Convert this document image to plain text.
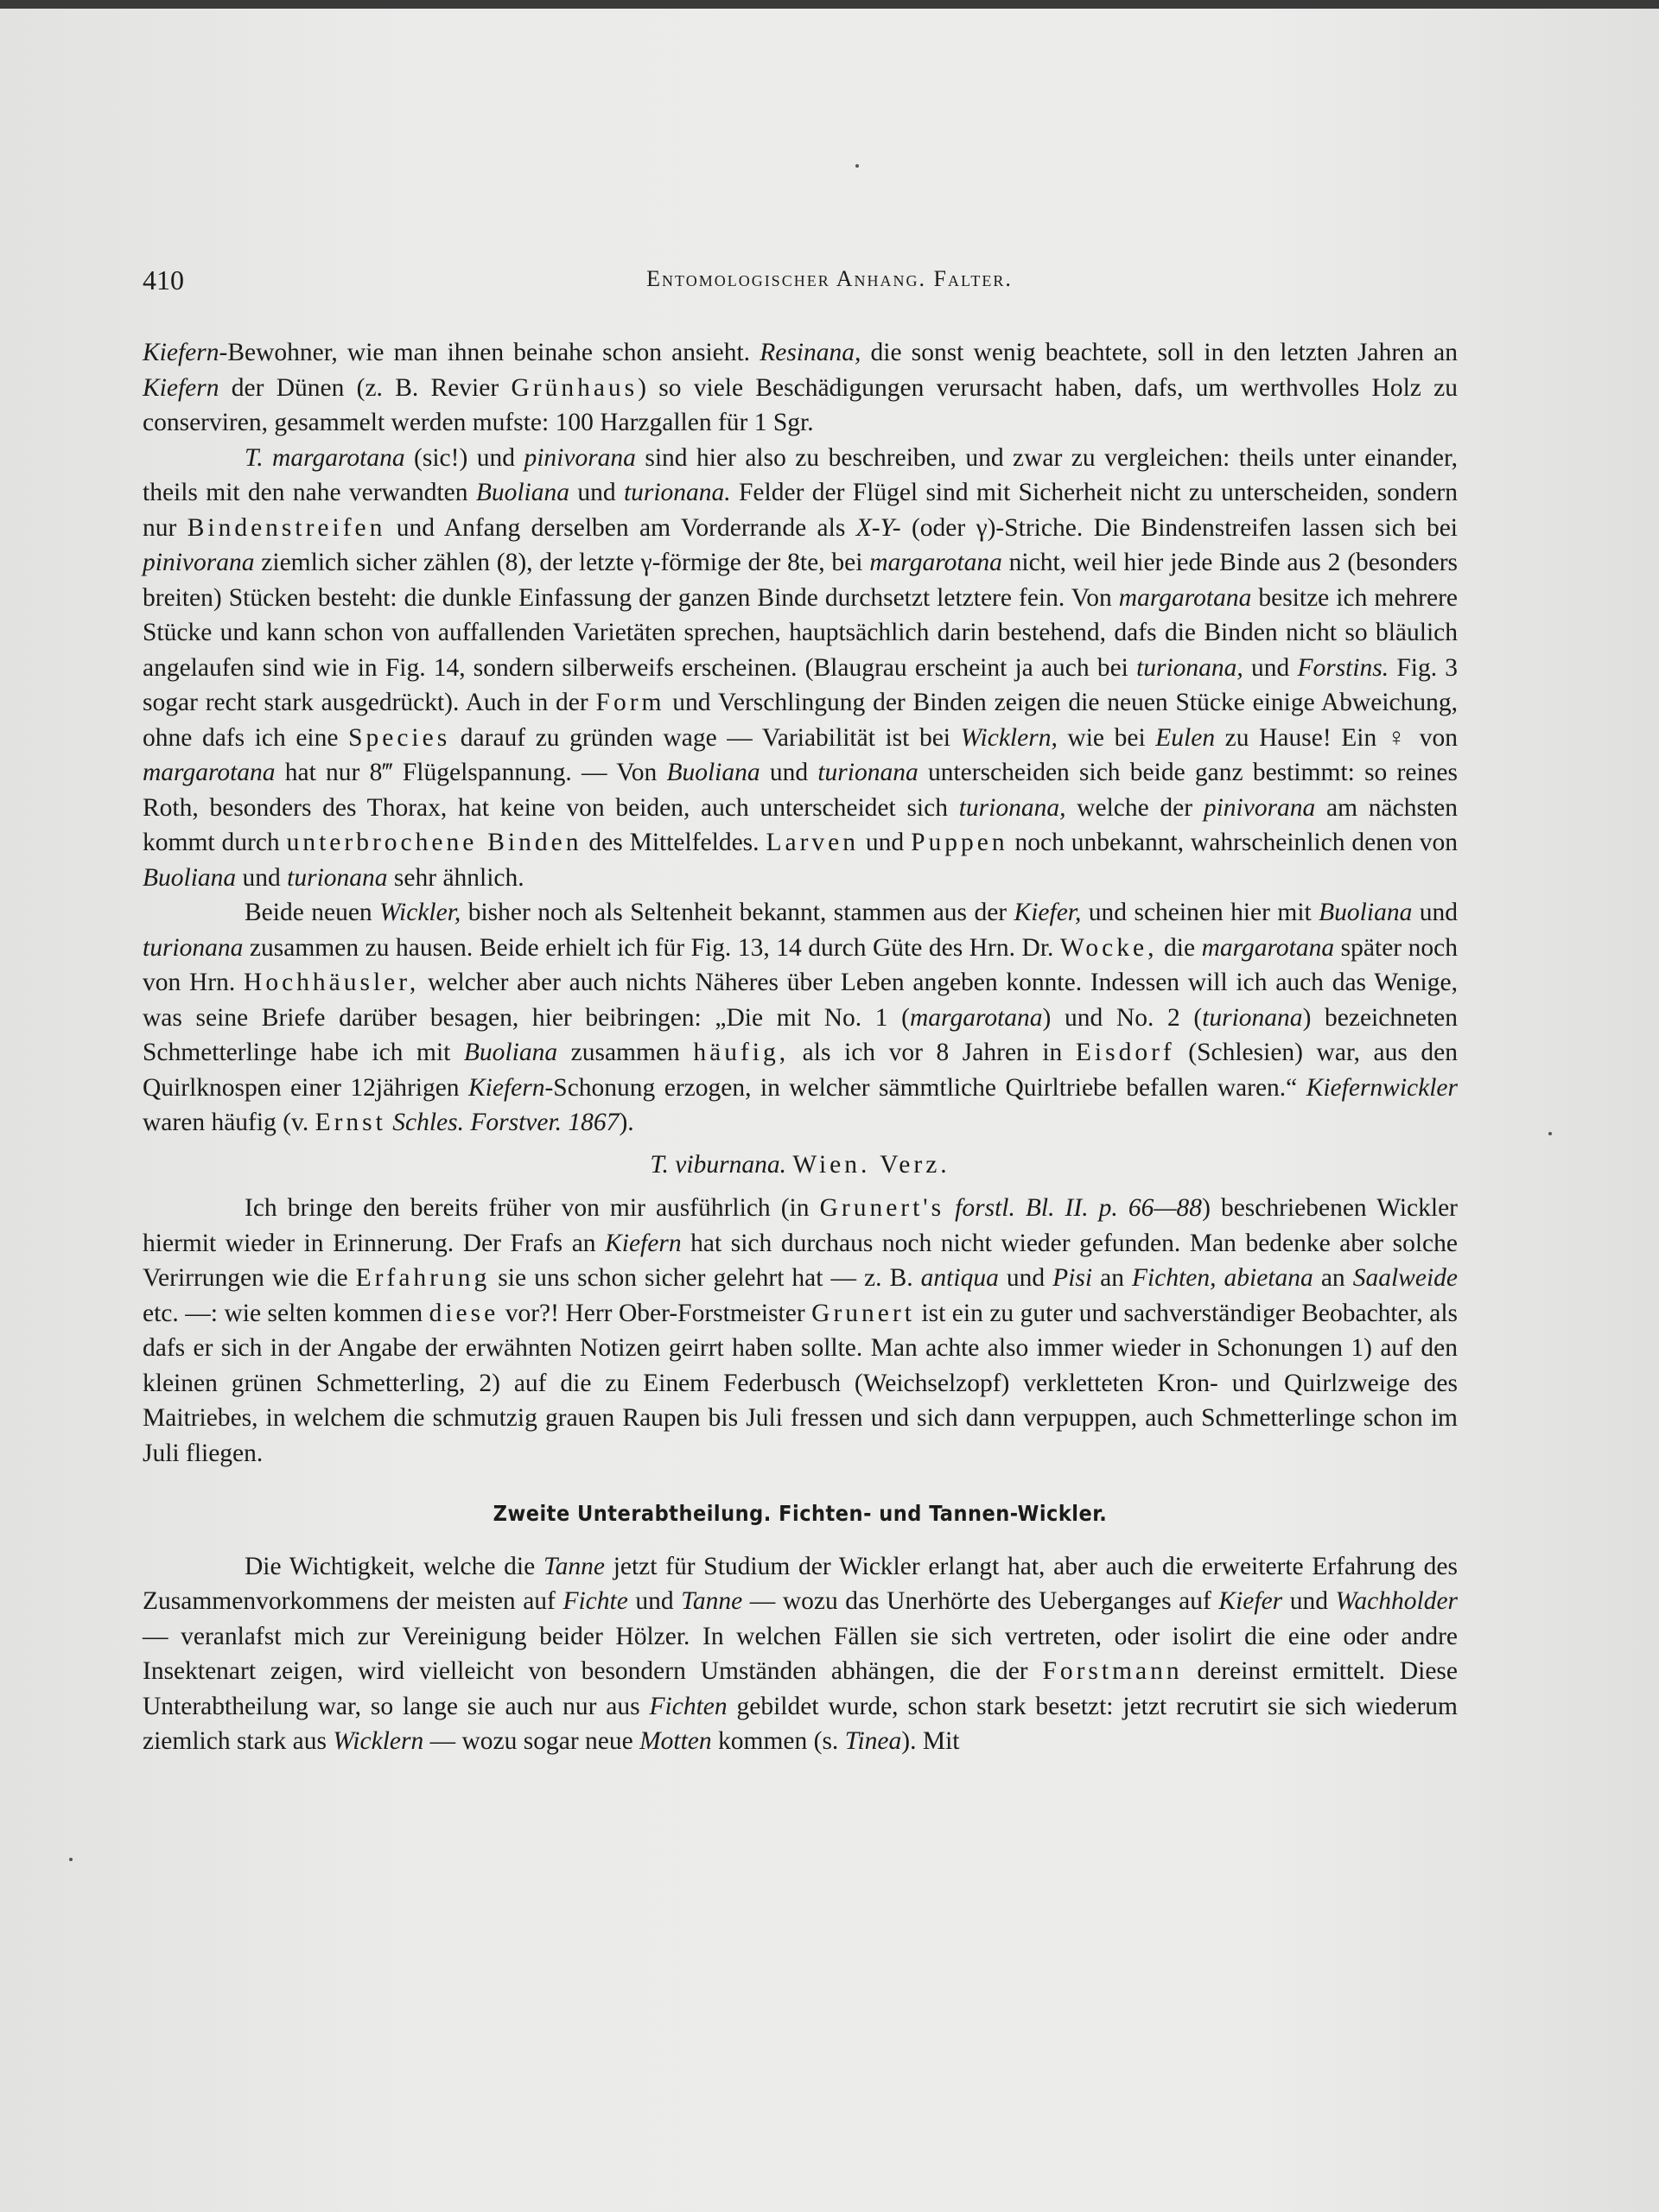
410	Entomologischer Anhang. Falter.

Kiefern-Bewohner, wie man ihnen beinahe schon ansieht. Resinana, die sonst wenig beachtete, soll in den letzten Jahren an Kiefern der Dünen (z. B. Revier Grünhaus) so viele Beschädigungen verursacht haben, dafs, um werthvolles Holz zu conserviren, gesammelt werden mufste: 100 Harzgallen für 1 Sgr.

T. margarotana (sic!) und pinivorana sind hier also zu beschreiben, und zwar zu vergleichen: theils unter einander, theils mit den nahe verwandten Buoliana und turionana. Felder der Flügel sind mit Sicherheit nicht zu unterscheiden, sondern nur Bindenstreifen und Anfang derselben am Vorderrande als X-Y- (oder γ)-Striche. Die Bindenstreifen lassen sich bei pinivorana ziemlich sicher zählen (8), der letzte γ-förmige der 8te, bei margarotana nicht, weil hier jede Binde aus 2 (besonders breiten) Stücken besteht: die dunkle Einfassung der ganzen Binde durchsetzt letztere fein. Von margarotana besitze ich mehrere Stücke und kann schon von auffallenden Varietäten sprechen, hauptsächlich darin bestehend, dafs die Binden nicht so bläulich angelaufen sind wie in Fig. 14, sondern silberweifs erscheinen. (Blaugrau erscheint ja auch bei turionana, und Forstins. Fig. 3 sogar recht stark ausgedrückt). Auch in der Form und Verschlingung der Binden zeigen die neuen Stücke einige Abweichung, ohne dafs ich eine Species darauf zu gründen wage — Variabilität ist bei Wicklern, wie bei Eulen zu Hause! Ein ♀ von margarotana hat nur 8‴ Flügelspannung. — Von Buoliana und turionana unterscheiden sich beide ganz bestimmt: so reines Roth, besonders des Thorax, hat keine von beiden, auch unterscheidet sich turionana, welche der pinivorana am nächsten kommt durch unterbrochene Binden des Mittelfeldes. Larven und Puppen noch unbekannt, wahrscheinlich denen von Buoliana und turionana sehr ähnlich.

Beide neuen Wickler, bisher noch als Seltenheit bekannt, stammen aus der Kiefer, und scheinen hier mit Buoliana und turionana zusammen zu hausen. Beide erhielt ich für Fig. 13, 14 durch Güte des Hrn. Dr. Wocke, die margarotana später noch von Hrn. Hochhäusler, welcher aber auch nichts Näheres über Leben angeben konnte. Indessen will ich auch das Wenige, was seine Briefe darüber besagen, hier beibringen: „Die mit No. 1 (margarotana) und No. 2 (turionana) bezeichneten Schmetterlinge habe ich mit Buoliana zusammen häufig, als ich vor 8 Jahren in Eisdorf (Schlesien) war, aus den Quirlknospen einer 12jährigen Kiefern-Schonung erzogen, in welcher sämmtliche Quirltriebe befallen waren.“ Kiefernwickler waren häufig (v. Ernst Schles. Forstver. 1867).

T. viburnana. Wien. Verz.

Ich bringe den bereits früher von mir ausführlich (in Grunert's forstl. Bl. II. p. 66—88) beschriebenen Wickler hiermit wieder in Erinnerung. Der Frafs an Kiefern hat sich durchaus noch nicht wieder gefunden. Man bedenke aber solche Verirrungen wie die Erfahrung sie uns schon sicher gelehrt hat — z. B. antiqua und Pisi an Fichten, abietana an Saalweide etc. —: wie selten kommen diese vor?! Herr Ober-Forstmeister Grunert ist ein zu guter und sachverständiger Beobachter, als dafs er sich in der Angabe der erwähnten Notizen geirrt haben sollte. Man achte also immer wieder in Schonungen 1) auf den kleinen grünen Schmetterling, 2) auf die zu Einem Federbusch (Weichselzopf) verkletteten Kron- und Quirlzweige des Maitriebes, in welchem die schmutzig grauen Raupen bis Juli fressen und sich dann verpuppen, auch Schmetterlinge schon im Juli fliegen.

Zweite Unterabtheilung. Fichten- und Tannen-Wickler.

Die Wichtigkeit, welche die Tanne jetzt für Studium der Wickler erlangt hat, aber auch die erweiterte Erfahrung des Zusammenvorkommens der meisten auf Fichte und Tanne — wozu das Unerhörte des Ueberganges auf Kiefer und Wachholder — veranlafst mich zur Vereinigung beider Hölzer. In welchen Fällen sie sich vertreten, oder isolirt die eine oder andre Insektenart zeigen, wird vielleicht von besondern Umständen abhängen, die der Forstmann dereinst ermittelt. Diese Unterabtheilung war, so lange sie auch nur aus Fichten gebildet wurde, schon stark besetzt: jetzt recrutirt sie sich wiederum ziemlich stark aus Wicklern — wozu sogar neue Motten kommen (s. Tinea). Mit
